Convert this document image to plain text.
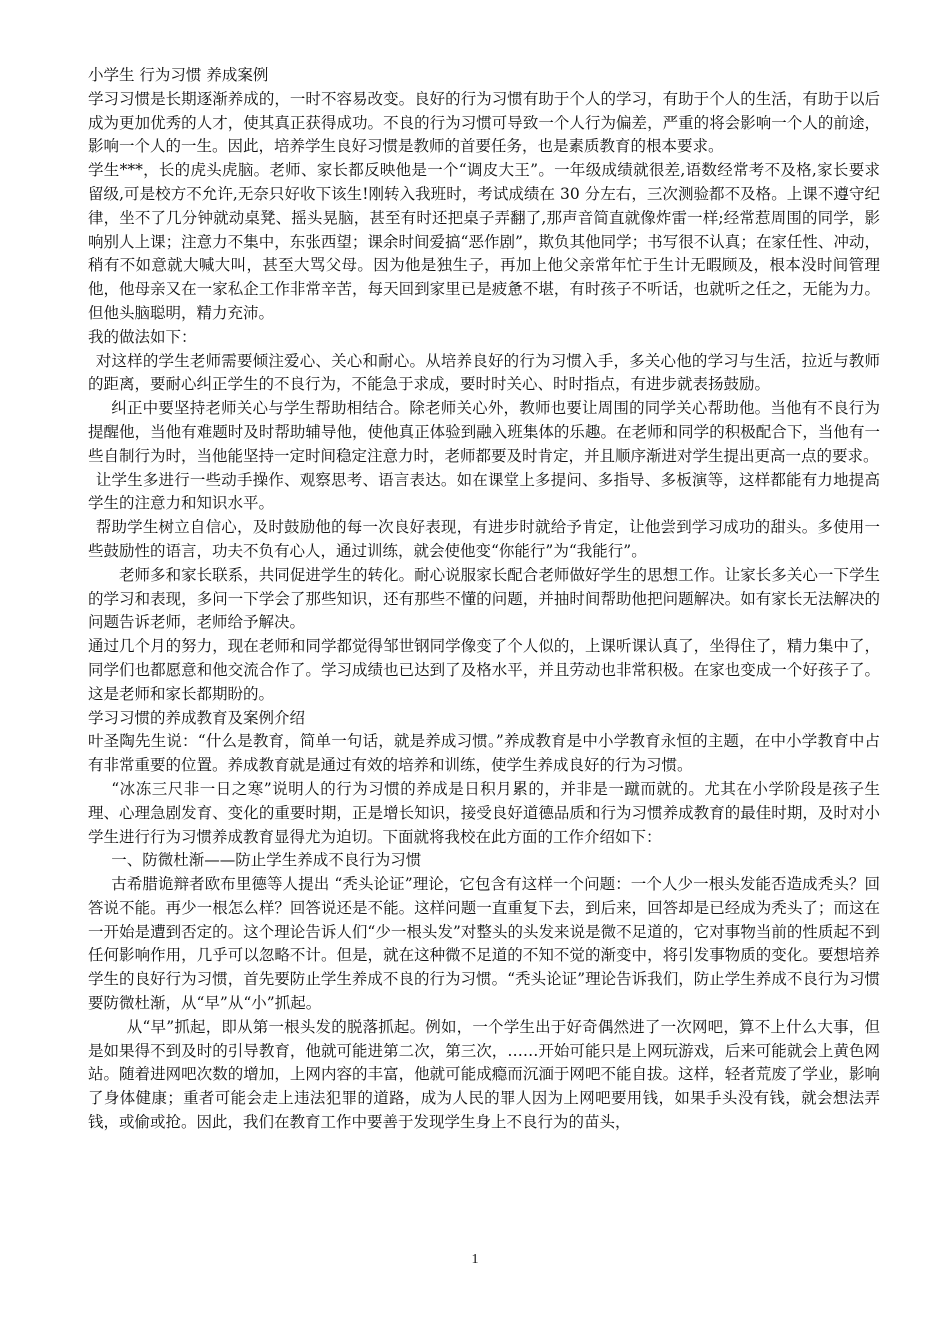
小学生 行为习惯 养成案例

学习习惯是长期逐渐养成的，一时不容易改变。良好的行为习惯有助于个人的学习，有助于个人的生活，有助于以后成为更加优秀的人才，使其真正获得成功。不良的行为习惯可导致一个人行为偏差，严重的将会影响一个人的前途，影响一个人的一生。因此，培养学生良好习惯是教师的首要任务，也是素质教育的根本要求。

学生***，长的虎头虎脑。老师、家长都反映他是一个“调皮大王”。一年级成绩就很差,语数经常考不及格,家长要求留级,可是校方不允许,无奈只好收下该生!刚转入我班时，考试成绩在 30 分左右，三次测验都不及格。上课不遵守纪律，坐不了几分钟就动桌凳、摇头晃脑，甚至有时还把桌子弄翻了,那声音简直就像炸雷一样;经常惹周围的同学，影响别人上课；注意力不集中，东张西望；课余时间爱搞“恶作剧”，欺负其他同学；书写很不认真；在家任性、冲动，稍有不如意就大喊大叫，甚至大骂父母。因为他是独生子，再加上他父亲常年忙于生计无暇顾及，根本没时间管理他，他母亲又在一家私企工作非常辛苦，每天回到家里已是疲惫不堪，有时孩子不听话，也就听之任之，无能为力。但他头脑聪明，精力充沛。

我的做法如下：

对这样的学生老师需要倾注爱心、关心和耐心。从培养良好的行为习惯入手，多关心他的学习与生活，拉近与教师的距离，要耐心纠正学生的不良行为，不能急于求成，要时时关心、时时指点，有进步就表扬鼓励。

纠正中要坚持老师关心与学生帮助相结合。除老师关心外，教师也要让周围的同学关心帮助他。当他有不良行为提醒他，当他有难题时及时帮助辅导他，使他真正体验到融入班集体的乐趣。在老师和同学的积极配合下，当他有一些自制行为时，当他能坚持一定时间稳定注意力时，老师都要及时肯定，并且顺序渐进对学生提出更高一点的要求。

让学生多进行一些动手操作、观察思考、语言表达。如在课堂上多提问、多指导、多板演等，这样都能有力地提高学生的注意力和知识水平。

帮助学生树立自信心，及时鼓励他的每一次良好表现，有进步时就给予肯定，让他尝到学习成功的甜头。多使用一些鼓励性的语言，功夫不负有心人，通过训练，就会使他变“你能行”为“我能行”。

老师多和家长联系，共同促进学生的转化。耐心说服家长配合老师做好学生的思想工作。让家长多关心一下学生的学习和表现，多问一下学会了那些知识，还有那些不懂的问题，并抽时间帮助他把问题解决。如有家长无法解决的问题告诉老师，老师给予解决。

通过几个月的努力，现在老师和同学都觉得邹世钢同学像变了个人似的，上课听课认真了，坐得住了，精力集中了，同学们也都愿意和他交流合作了。学习成绩也已达到了及格水平，并且劳动也非常积极。在家也变成一个好孩子了。这是老师和家长都期盼的。

学习习惯的养成教育及案例介绍

叶圣陶先生说：“什么是教育，简单一句话，就是养成习惯。”养成教育是中小学教育永恒的主题，在中小学教育中占有非常重要的位置。养成教育就是通过有效的培养和训练，使学生养成良好的行为习惯。

“冰冻三尺非一日之寒”说明人的行为习惯的养成是日积月累的，并非是一蹴而就的。尤其在小学阶段是孩子生理、心理急剧发育、变化的重要时期，正是增长知识，接受良好道德品质和行为习惯养成教育的最佳时期，及时对小学生进行行为习惯养成教育显得尤为迫切。下面就将我校在此方面的工作介绍如下：

一、防微杜渐——防止学生养成不良行为习惯

古希腊诡辩者欧布里德等人提出 “秃头论证”理论，它包含有这样一个问题：一个人少一根头发能否造成秃头？回答说不能。再少一根怎么样？回答说还是不能。这样问题一直重复下去，到后来，回答却是已经成为秃头了；而这在一开始是遭到否定的。这个理论告诉人们“少一根头发”对整头的头发来说是微不足道的，它对事物当前的性质起不到任何影响作用，几乎可以忽略不计。但是，就在这种微不足道的不知不觉的渐变中，将引发事物质的变化。要想培养学生的良好行为习惯，首先要防止学生养成不良的行为习惯。“秃头论证”理论告诉我们，防止学生养成不良行为习惯要防微杜渐，从“早”从“小”抓起。

从“早”抓起，即从第一根头发的脱落抓起。例如，一个学生出于好奇偶然进了一次网吧，算不上什么大事，但是如果得不到及时的引导教育，他就可能进第二次，第三次，……开始可能只是上网玩游戏，后来可能就会上黄色网站。随着进网吧次数的增加，上网内容的丰富，他就可能成瘾而沉湎于网吧不能自拔。这样，轻者荒废了学业，影响了身体健康；重者可能会走上违法犯罪的道路，成为人民的罪人因为上网吧要用钱，如果手头没有钱，就会想法弄钱，或偷或抢。因此，我们在教育工作中要善于发现学生身上不良行为的苗头，

1
